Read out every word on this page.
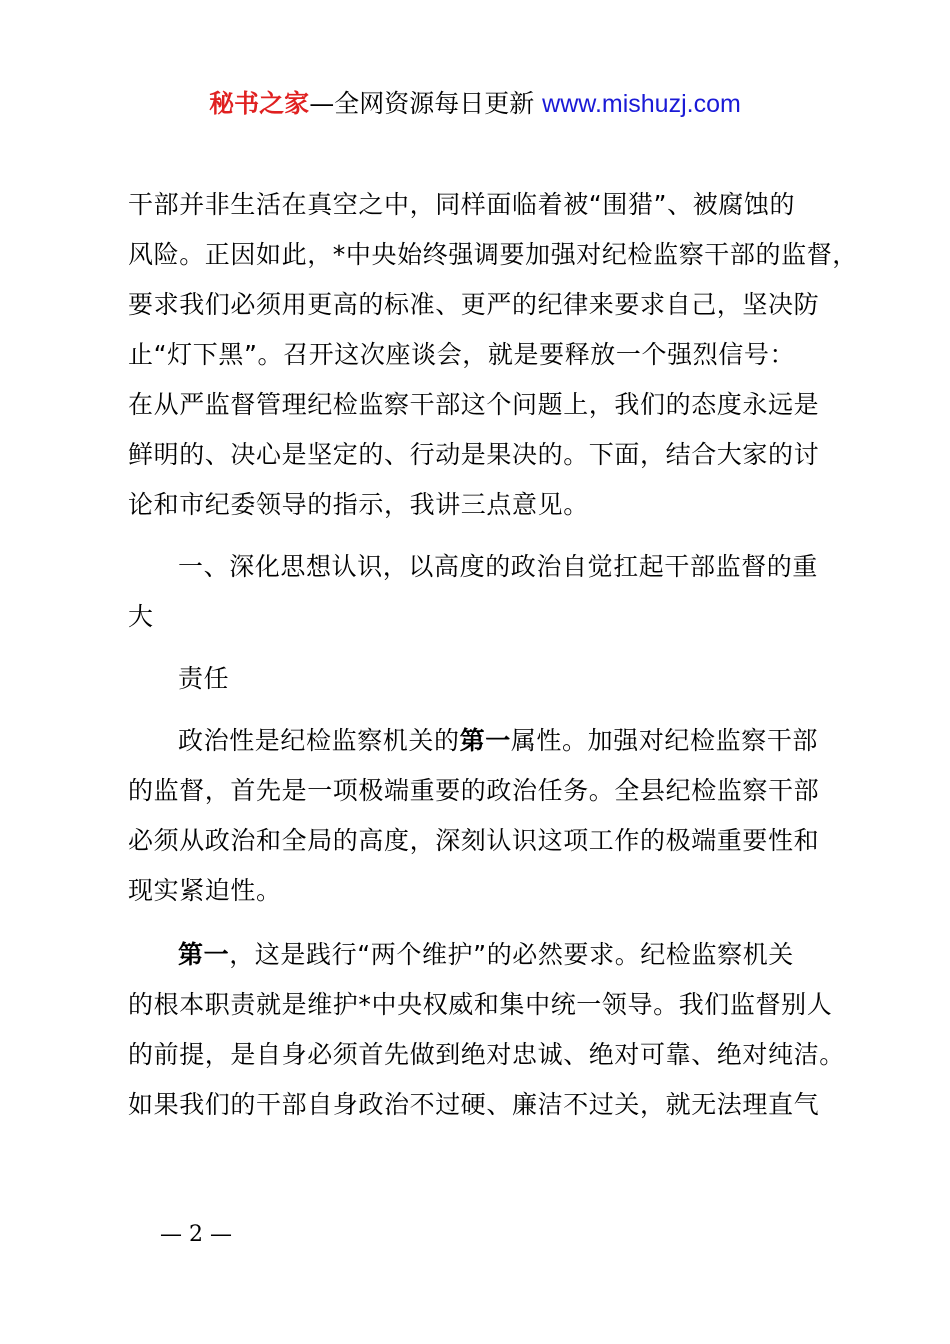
秘书之家—全网资源每日更新 www.mishuzj.com
干部并非生活在真空之中，同样面临着被“围猎”、被腐蚀的
风险。正因如此，*中央始终强调要加强对纪检监察干部的监督，
要求我们必须用更高的标准、更严的纪律来要求自己，坚决防
止“灯下黑”。召开这次座谈会，就是要释放一个强烈信号：
在从严监督管理纪检监察干部这个问题上，我们的态度永远是
鲜明的、决心是坚定的、行动是果决的。下面，结合大家的讨
论和市纪委领导的指示，我讲三点意见。
一、深化思想认识，以高度的政治自觉扛起干部监督的重
大
责任
政治性是纪检监察机关的第一属性。加强对纪检监察干部
的监督，首先是一项极端重要的政治任务。全县纪检监察干部
必须从政治和全局的高度，深刻认识这项工作的极端重要性和
现实紧迫性。
第一，这是践行“两个维护”的必然要求。纪检监察机关
的根本职责就是维护*中央权威和集中统一领导。我们监督别人
的前提，是自身必须首先做到绝对忠诚、绝对可靠、绝对纯洁。
如果我们的干部自身政治不过硬、廉洁不过关，就无法理直气
— 2 —
